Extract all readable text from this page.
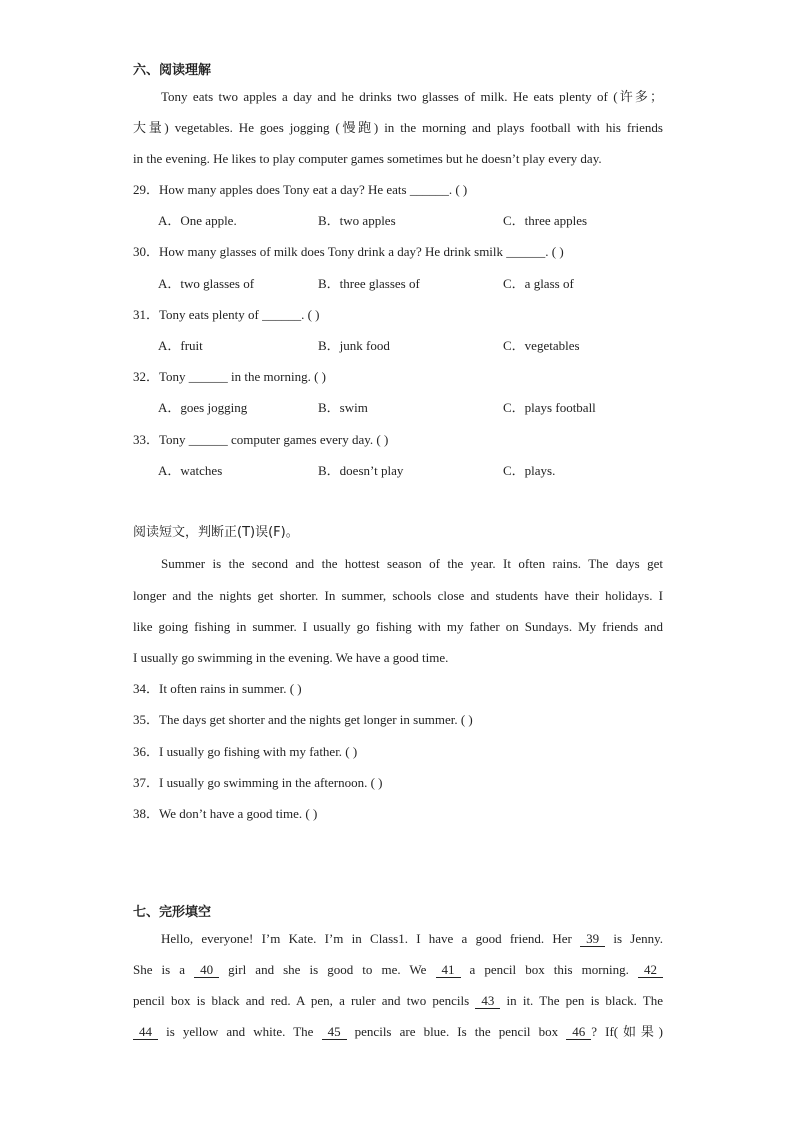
六、阅读理解
Tony eats two apples a day and he drinks two glasses of milk. He eats plenty of (许多；
大量) vegetables. He goes jogging (慢跑) in the morning and plays football with his friends
in the evening. He likes to play computer games sometimes but he doesn’t play every day.
29．How many apples does Tony eat a day? He eats ______. ( )
A．One apple.	B．two apples	C．three apples
30．How many glasses of milk does Tony drink a day? He drink smilk ______. ( )
A．two glasses of	B．three glasses of	C．a glass of
31．Tony eats plenty of ______. ( )
A．fruit	B．junk food	C．vegetables
32．Tony ______ in the morning. ( )
A．goes jogging	B．swim	C．plays football
33．Tony ______ computer games every day. ( )
A．watches	B．doesn’t play	C．plays.
阅读短文，判断正(T)误(F)。
Summer is the second and the hottest season of the year. It often rains. The days get
longer and the nights get shorter. In summer, schools close and students have their holidays. I
like going fishing in summer. I usually go fishing with my father on Sundays. My friends and
I usually go swimming in the evening. We have a good time.
34．It often rains in summer. ( )
35．The days get shorter and the nights get longer in summer. ( )
36．I usually go fishing with my father. ( )
37．I usually go swimming in the afternoon. ( )
38．We don’t have a good time. ( )
七、完形填空
Hello, everyone! I’m Kate. I’m in Class1. I have a good friend. Her 39 is Jenny.
She is a 40 girl and she is good to me. We 41 a pencil box this morning. 42
pencil box is black and red. A pen, a ruler and two pencils 43 in it. The pen is black. The
44 is yellow and white. The 45 pencils are blue. Is the pencil box 46 ? If(如果)
